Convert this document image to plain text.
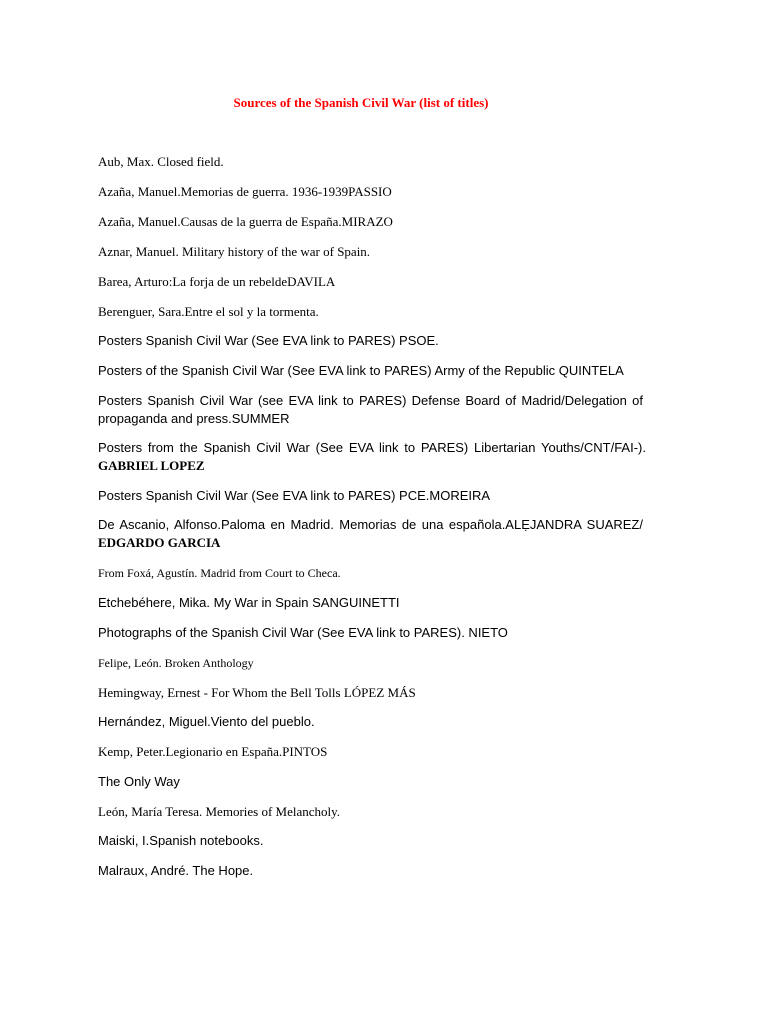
Sources of the Spanish Civil War (list of titles)
Aub, Max. Closed field.
Azaña, Manuel.Memorias de guerra. 1936-1939PASSIO
Azaña, Manuel.Causas de la guerra de España.MIRAZO
Aznar, Manuel. Military history of the war of Spain.
Barea, Arturo:La forja de un rebeldeDAVILA
Berenguer, Sara.Entre el sol y la tormenta.
Posters Spanish Civil War (See EVA link to PARES) PSOE.
Posters of the Spanish Civil War (See EVA link to PARES) Army of the Republic QUINTELA
Posters Spanish Civil War (see EVA link to PARES) Defense Board of Madrid/Delegation of propaganda and press.SUMMER
Posters from the Spanish Civil War (See EVA link to PARES) Libertarian Youths/CNT/FAI-). GABRIEL LOPEZ
Posters Spanish Civil War (See EVA link to PARES) PCE.MOREIRA
De Ascanio, Alfonso.Paloma en Madrid. Memorias de una española.ALẸJANDRA SUAREZ/ EDGARDO GARCIA
From Foxá, Agustín. Madrid from Court to Checa.
Etchebéhere, Mika. My War in Spain SANGUINETTI
Photographs of the Spanish Civil War (See EVA link to PARES). NIETO
Felipe, León. Broken Anthology
Hemingway, Ernest - For Whom the Bell Tolls LÓPEZ MÁS
Hernández, Miguel.Viento del pueblo.
Kemp, Peter.Legionario en España.PINTOS
The Only Way
León, María Teresa. Memories of Melancholy.
Maiski, I.Spanish notebooks.
Malraux, André. The Hope.
